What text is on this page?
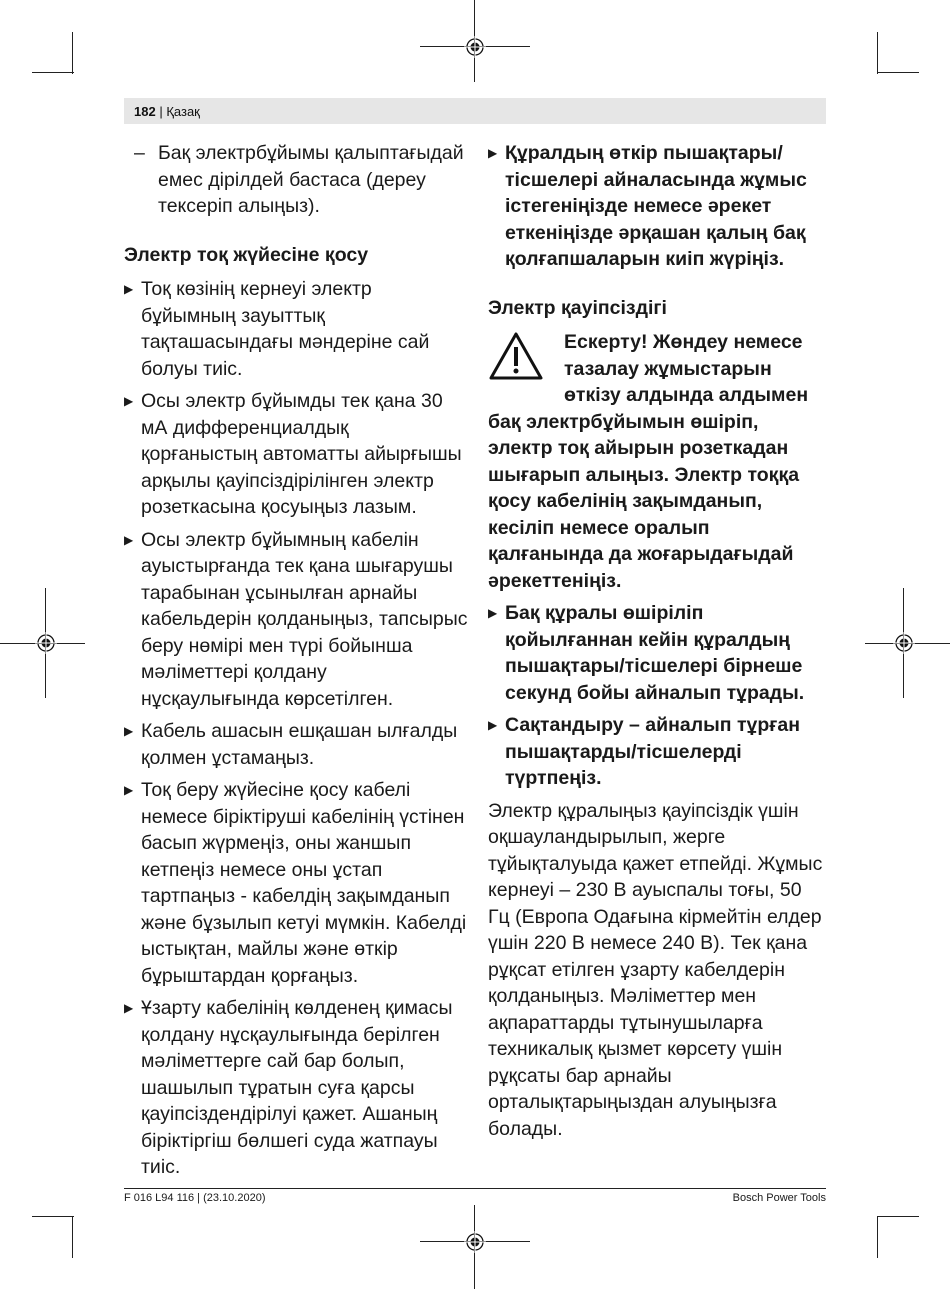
182 | Қазақ
– Бақ электрбұйымы қалыптағыдай емес дірілдей бастаса (дереу тексеріп алыңыз).
Электр тоқ жүйесіне қосу
▶ Тоқ көзінің кернеуі электр бұйымның зауыттық тақташасындағы мәндеріне сай болуы тиіс.
▶ Осы электр бұйымды тек қана 30 мА дифференциалдық қорғаныстың автоматты айырғышы арқылы қауіпсіздірілінген электр розеткасына қосуыңыз лазым.
▶ Осы электр бұйымның кабелін ауыстырғанда тек қана шығарушы тарабынан ұсынылған арнайы кабельдерін қолданыңыз, тапсырыс беру нөмірі мен түрі бойынша мәліметтері қолдану нұсқаулығында көрсетілген.
▶ Кабель ашасын ешқашан ылғалды қолмен ұстамаңыз.
▶ Тоқ беру жүйесіне қосу кабелі немесе біріктіруші кабелінің үстінен басып жүрмеңіз, оны жаншып кетпеңіз немесе оны ұстап тартпаңыз - кабелдің зақымданып және бұзылып кетуі мүмкін. Кабелді ыстықтан, майлы және өткір бұрыштардан қорғаңыз.
▶ Ұзарту кабелінің көлденең қимасы қолдану нұсқаулығында берілген мәліметтерге сай бар болып, шашылып тұратын суға қарсы қауіпсіздендірілуі қажет. Ашаның біріктіргіш бөлшегі суда жатпауы тиіс.
▶ Құралдың өткір пышақтары/тісшелері айналасында жұмыс істегеніңізде немесе әрекет еткеніңізде әрқашан қалың бақ қолғапшаларын киіп жүріңіз.
Электр қауіпсіздігі
Ескерту! Жөндеу немесе тазалау жұмыстарын өткізу алдында алдымен
бақ электрбұйымын өшіріп, электр тоқ айырын розеткадан шығарып алыңыз. Электр тоққа қосу кабелінің зақымданып, кесіліп немесе оралып қалғанында да жоғарыдағыдай әрекеттеніңіз.
▶ Бақ құралы өшіріліп қойылғаннан кейін құралдың пышақтары/тісшелері бірнеше секунд бойы айналып тұрады.
▶ Сақтандыру – айналып тұрған пышақтарды/тісшелерді түртпеңіз.
Электр құралыңыз қауіпсіздік үшін оқшауландырылып, жерге тұйықталуыда қажет етпейді. Жұмыс кернеуі – 230 В ауыспалы тоғы, 50 Гц (Европа Одағына кірмейтін елдер үшін 220 В немесе 240 В). Тек қана рұқсат етілген ұзарту кабелдерін қолданыңыз. Мәліметтер мен ақпараттарды тұтынушыларға техникалық қызмет көрсету үшін рұқсаты бар арнайы орталықтарыңыздан алуыңызға болады.
F 016 L94 116 | (23.10.2020)	Bosch Power Tools
